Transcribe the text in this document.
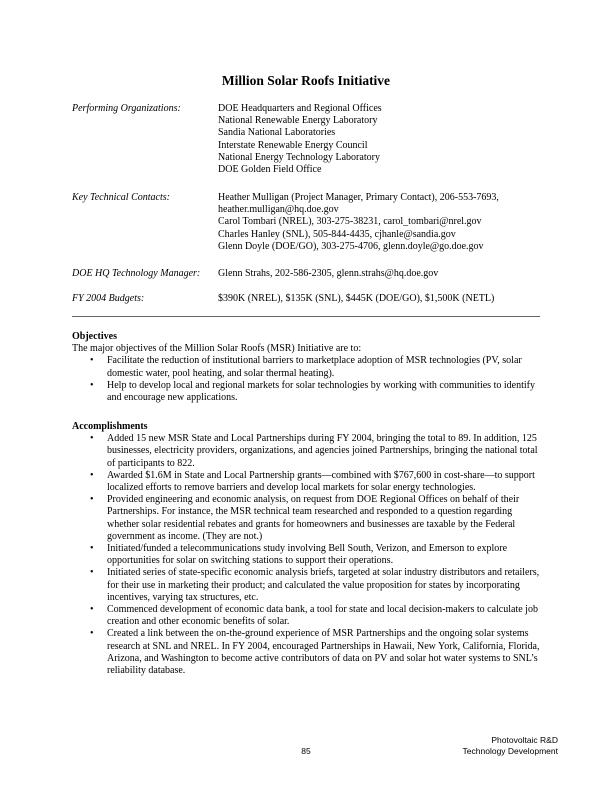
Million Solar Roofs Initiative
Performing Organizations:	DOE Headquarters and Regional Offices
National Renewable Energy Laboratory
Sandia National Laboratories
Interstate Renewable Energy Council
National Energy Technology Laboratory
DOE Golden Field Office
Key Technical Contacts:	Heather Mulligan (Project Manager, Primary Contact), 206-553-7693,
heather.mulligan@hq.doe.gov
Carol Tombari (NREL), 303-275-38231, carol_tombari@nrel.gov
Charles Hanley (SNL), 505-844-4435, cjhanle@sandia.gov
Glenn Doyle (DOE/GO), 303-275-4706, glenn.doyle@go.doe.gov
DOE HQ Technology Manager:	Glenn Strahs, 202-586-2305, glenn.strahs@hq.doe.gov
FY 2004 Budgets:	$390K (NREL), $135K (SNL), $445K (DOE/GO), $1,500K (NETL)
Objectives

The major objectives of the Million Solar Roofs (MSR) Initiative are to:

• Facilitate the reduction of institutional barriers to marketplace adoption of MSR technologies (PV, solar domestic water, pool heating, and solar thermal heating).
• Help to develop local and regional markets for solar technologies by working with communities to identify and encourage new applications.
Accomplishments
• Added 15 new MSR State and Local Partnerships during FY 2004, bringing the total to 89. In addition, 125 businesses, electricity providers, organizations, and agencies joined Partnerships, bringing the national total of participants to 822.
• Awarded $1.6M in State and Local Partnership grants—combined with $767,600 in cost-share—to support localized efforts to remove barriers and develop local markets for solar energy technologies.
• Provided engineering and economic analysis, on request from DOE Regional Offices on behalf of their Partnerships. For instance, the MSR technical team researched and responded to a question regarding whether solar residential rebates and grants for homeowners and businesses are taxable by the Federal government as income. (They are not.)
• Initiated/funded a telecommunications study involving Bell South, Verizon, and Emerson to explore opportunities for solar on switching stations to support their operations.
• Initiated series of state-specific economic analysis briefs, targeted at solar industry distributors and retailers, for their use in marketing their product; and calculated the value proposition for states by incorporating incentives, varying tax structures, etc.
• Commenced development of economic data bank, a tool for state and local decision-makers to calculate job creation and other economic benefits of solar.
• Created a link between the on-the-ground experience of MSR Partnerships and the ongoing solar systems research at SNL and NREL. In FY 2004, encouraged Partnerships in Hawaii, New York, California, Florida, Arizona, and Washington to become active contributors of data on PV and solar hot water systems to SNL’s reliability database.
85
Photovoltaic R&D
Technology Development
